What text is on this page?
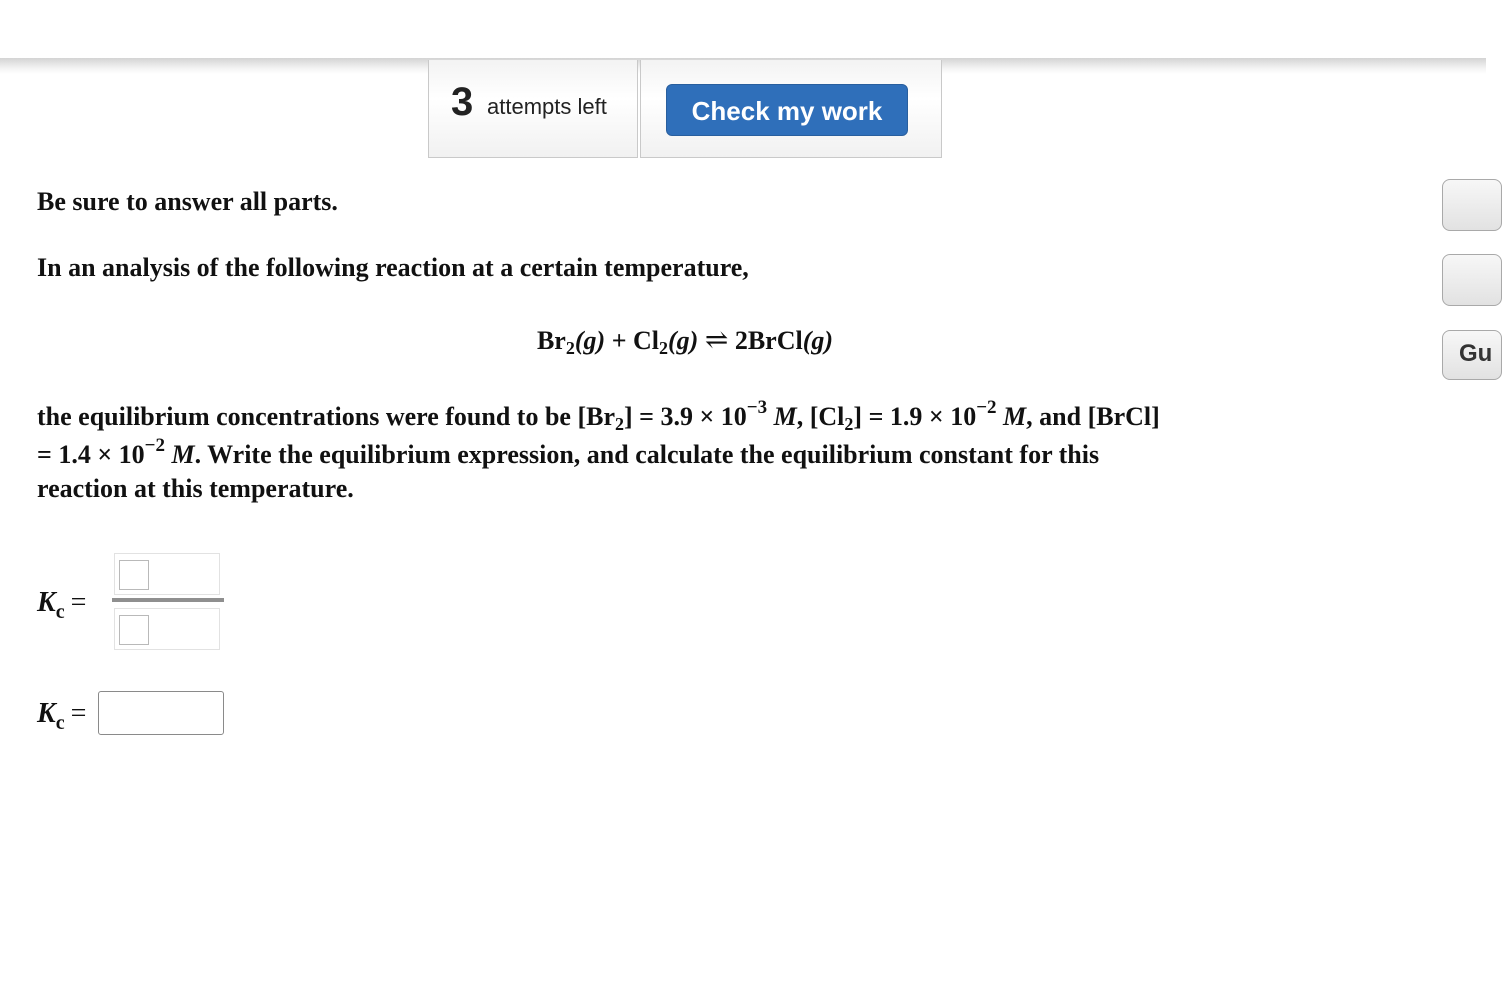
3 attempts left	Check my work
Gu
Be sure to answer all parts.
In an analysis of the following reaction at a certain temperature,
$Br_2(g) + Cl_2(g)$ ⇌ 2BrCl(g)
the equilibrium concentrations were found to be $[Br_2] = 3.9 \times 10^{-3}$ M, $[Cl_2] = 1.9 \times 10^{-2}$ M, and [BrCl]
= $1.4 \times 10^{-2}$ M. Write the equilibrium expression, and calculate the equilibrium constant for this
reaction at this temperature.
$K_c$ =
$K_c$ =
